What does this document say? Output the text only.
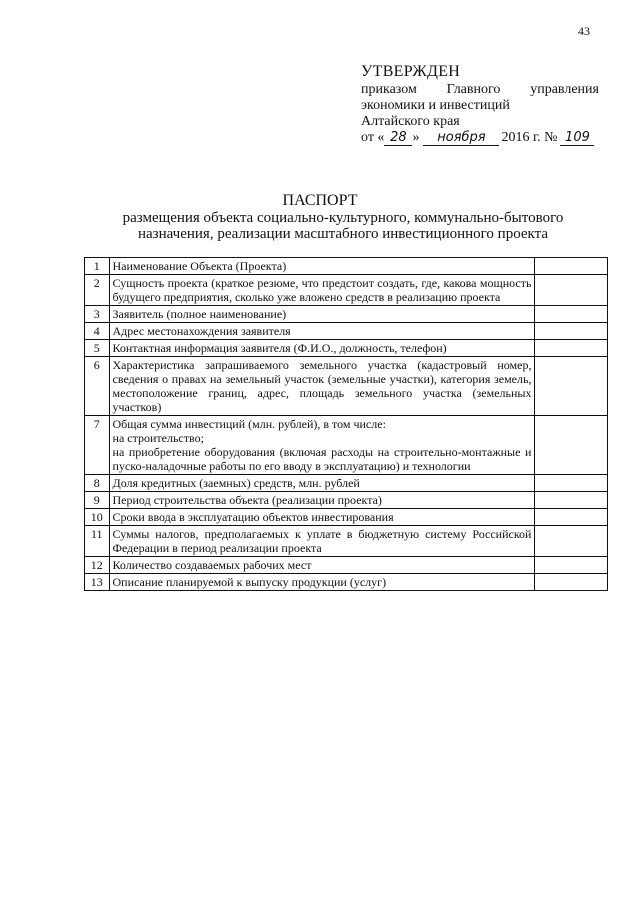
43
УТВЕРЖДЕН
приказом Главного управления
экономики и инвестиций
Алтайского края
от « 28 »	ноября	2016 г. № 109
ПАСПОРТ
размещения объекта социально-культурного, коммунально-бытового назначения, реализации масштабного инвестиционного проекта
1	Наименование Объекта (Проекта)	
2	Сущность проекта (краткое резюме, что предстоит создать, где, какова мощность будущего предприятия, сколько уже вложено средств в реализацию проекта	
3	Заявитель (полное наименование)	
4	Адрес местонахождения заявителя	
5	Контактная информация заявителя (Ф.И.О., должность, телефон)	
6	Характеристика запрашиваемого земельного участка (кадастровый номер, сведения о правах на земельный участок (земельные участки), категория земель, местоположение границ, адрес, площадь земельного участка (земельных участков)	
7	Общая сумма инвестиций (млн. рублей), в том числе:
на строительство;
на приобретение оборудования (включая расходы на строительно-монтажные и пуско-наладочные работы по его вводу в эксплуатацию) и технологии	

8	Доля кредитных (заемных) средств, млн. рублей	
9	Период строительства объекта (реализации проекта)	
10	Сроки ввода в эксплуатацию объектов инвестирования	
11	Суммы налогов, предполагаемых к уплате в бюджетную систему Российской Федерации в период реализации проекта	
12	Количество создаваемых рабочих мест	
13	Описание планируемой к выпуску продукции (услуг)	
